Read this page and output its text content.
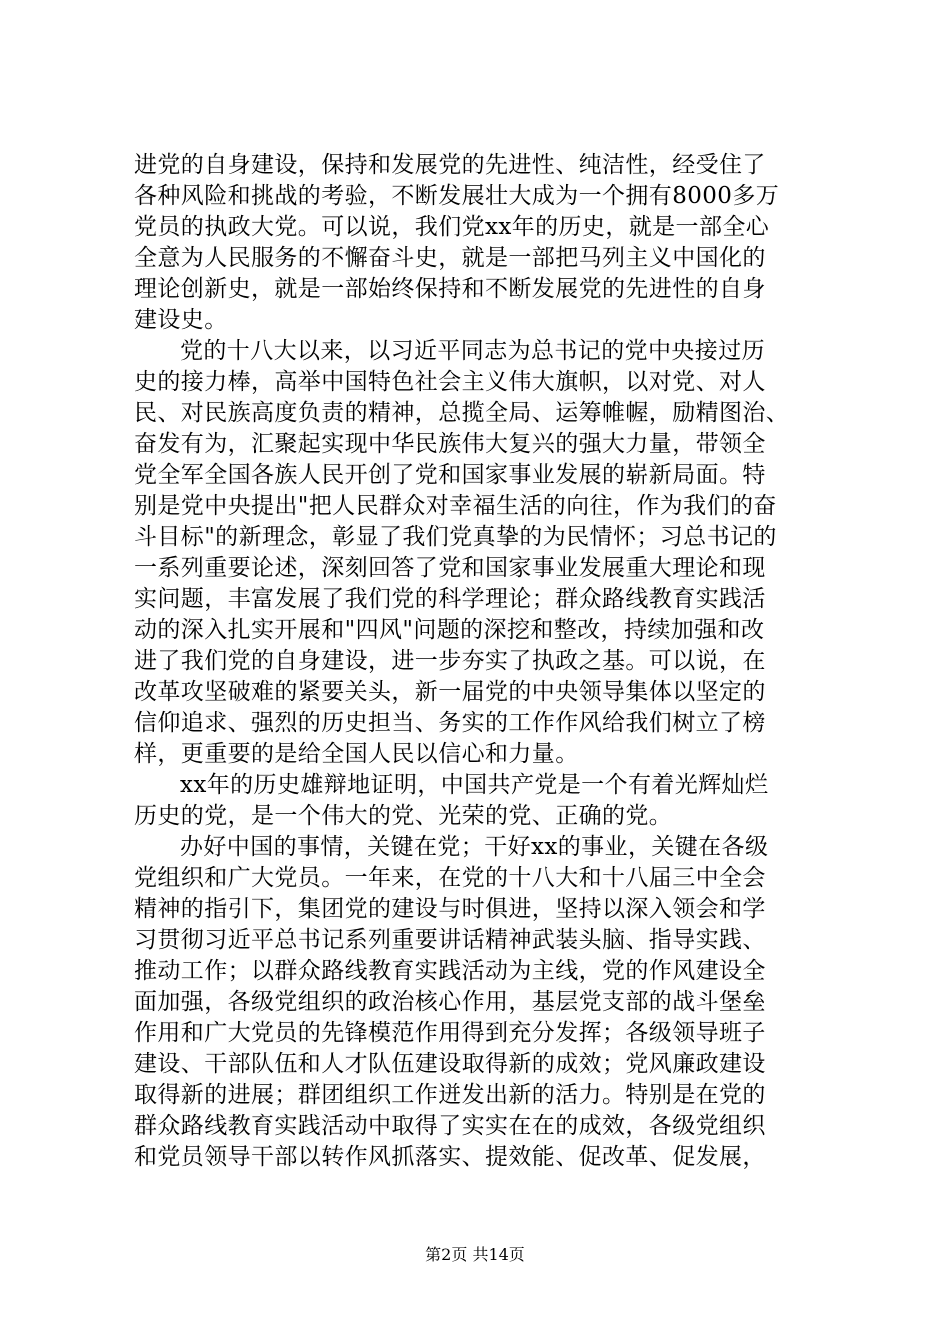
进党的自身建设，保持和发展党的先进性、纯洁性，经受住了
各种风险和挑战的考验，不断发展壮大成为一个拥有8000多万
党员的执政大党。可以说，我们党xx年的历史，就是一部全心
全意为人民服务的不懈奋斗史，就是一部把马列主义中国化的
理论创新史，就是一部始终保持和不断发展党的先进性的自身
建设史。
党的十八大以来，以习近平同志为总书记的党中央接过历
史的接力棒，高举中国特色社会主义伟大旗帜，以对党、对人
民、对民族高度负责的精神，总揽全局、运筹帷幄，励精图治、
奋发有为，汇聚起实现中华民族伟大复兴的强大力量，带领全
党全军全国各族人民开创了党和国家事业发展的崭新局面。特
别是党中央提出"把人民群众对幸福生活的向往，作为我们的奋
斗目标"的新理念，彰显了我们党真挚的为民情怀；习总书记的
一系列重要论述，深刻回答了党和国家事业发展重大理论和现
实问题，丰富发展了我们党的科学理论；群众路线教育实践活
动的深入扎实开展和"四风"问题的深挖和整改，持续加强和改
进了我们党的自身建设，进一步夯实了执政之基。可以说，在
改革攻坚破难的紧要关头，新一届党的中央领导集体以坚定的
信仰追求、强烈的历史担当、务实的工作作风给我们树立了榜
样，更重要的是给全国人民以信心和力量。
xx年的历史雄辩地证明，中国共产党是一个有着光辉灿烂
历史的党，是一个伟大的党、光荣的党、正确的党。
办好中国的事情，关键在党；干好xx的事业，关键在各级
党组织和广大党员。一年来，在党的十八大和十八届三中全会
精神的指引下，集团党的建设与时俱进，坚持以深入领会和学
习贯彻习近平总书记系列重要讲话精神武装头脑、指导实践、
推动工作；以群众路线教育实践活动为主线，党的作风建设全
面加强，各级党组织的政治核心作用，基层党支部的战斗堡垒
作用和广大党员的先锋模范作用得到充分发挥；各级领导班子
建设、干部队伍和人才队伍建设取得新的成效；党风廉政建设
取得新的进展；群团组织工作迸发出新的活力。特别是在党的
群众路线教育实践活动中取得了实实在在的成效，各级党组织
和党员领导干部以转作风抓落实、提效能、促改革、促发展，
第2页 共14页
